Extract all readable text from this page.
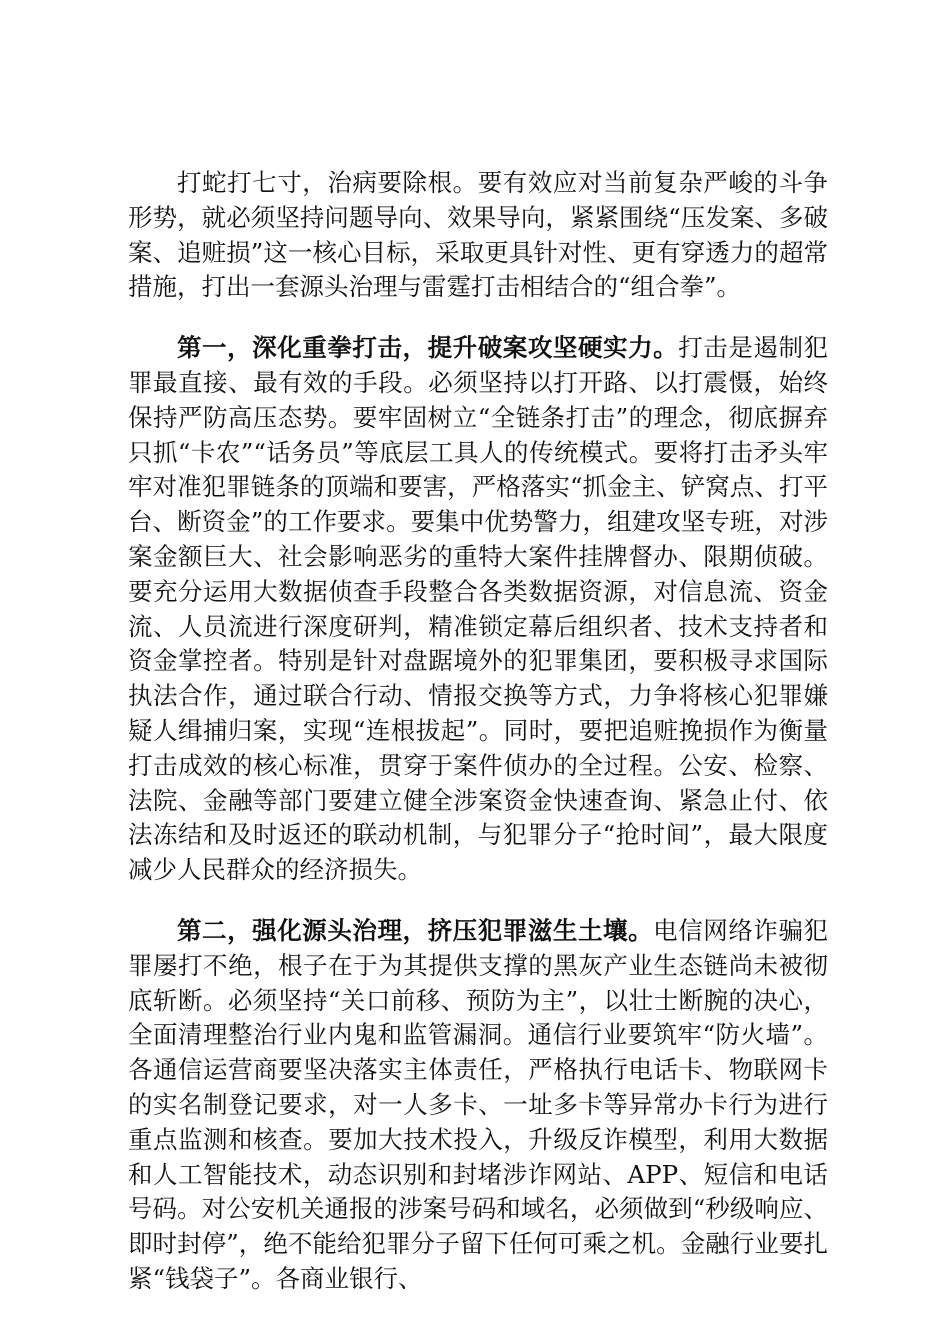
打蛇打七寸，治病要除根。要有效应对当前复杂严峻的斗争形势，就必须坚持问题导向、效果导向，紧紧围绕“压发案、多破案、追赃损”这一核心目标，采取更具针对性、更有穿透力的超常措施，打出一套源头治理与雷霆打击相结合的“组合拳”。

第一，深化重拳打击，提升破案攻坚硬实力。打击是遏制犯罪最直接、最有效的手段。必须坚持以打开路、以打震慑，始终保持严防高压态势。要牢固树立“全链条打击”的理念，彻底摒弃只抓“卡农”“话务员”等底层工具人的传统模式。要将打击矛头牢牢对准犯罪链条的顶端和要害，严格落实“抓金主、铲窝点、打平台、断资金”的工作要求。要集中优势警力，组建攻坚专班，对涉案金额巨大、社会影响恶劣的重特大案件挂牌督办、限期侦破。要充分运用大数据侦查手段整合各类数据资源，对信息流、资金流、人员流进行深度研判，精准锁定幕后组织者、技术支持者和资金掌控者。特别是针对盘踞境外的犯罪集团，要积极寻求国际执法合作，通过联合行动、情报交换等方式，力争将核心犯罪嫌疑人缉捕归案，实现“连根拔起”。同时，要把追赃挽损作为衡量打击成效的核心标准，贯穿于案件侦办的全过程。公安、检察、法院、金融等部门要建立健全涉案资金快速查询、紧急止付、依法冻结和及时返还的联动机制，与犯罪分子“抢时间”，最大限度减少人民群众的经济损失。

第二，强化源头治理，挤压犯罪滋生土壤。电信网络诈骗犯罪屡打不绝，根子在于为其提供支撑的黑灰产业生态链尚未被彻底斩断。必须坚持“关口前移、预防为主”，以壮士断腕的决心，全面清理整治行业内鬼和监管漏洞。通信行业要筑牢“防火墙”。各通信运营商要坚决落实主体责任，严格执行电话卡、物联网卡的实名制登记要求，对一人多卡、一址多卡等异常办卡行为进行重点监测和核查。要加大技术投入，升级反诈模型，利用大数据和人工智能技术，动态识别和封堵涉诈网站、APP、短信和电话号码。对公安机关通报的涉案号码和域名，必须做到“秒级响应、即时封停”，绝不能给犯罪分子留下任何可乘之机。金融行业要扎紧“钱袋子”。各商业银行、
